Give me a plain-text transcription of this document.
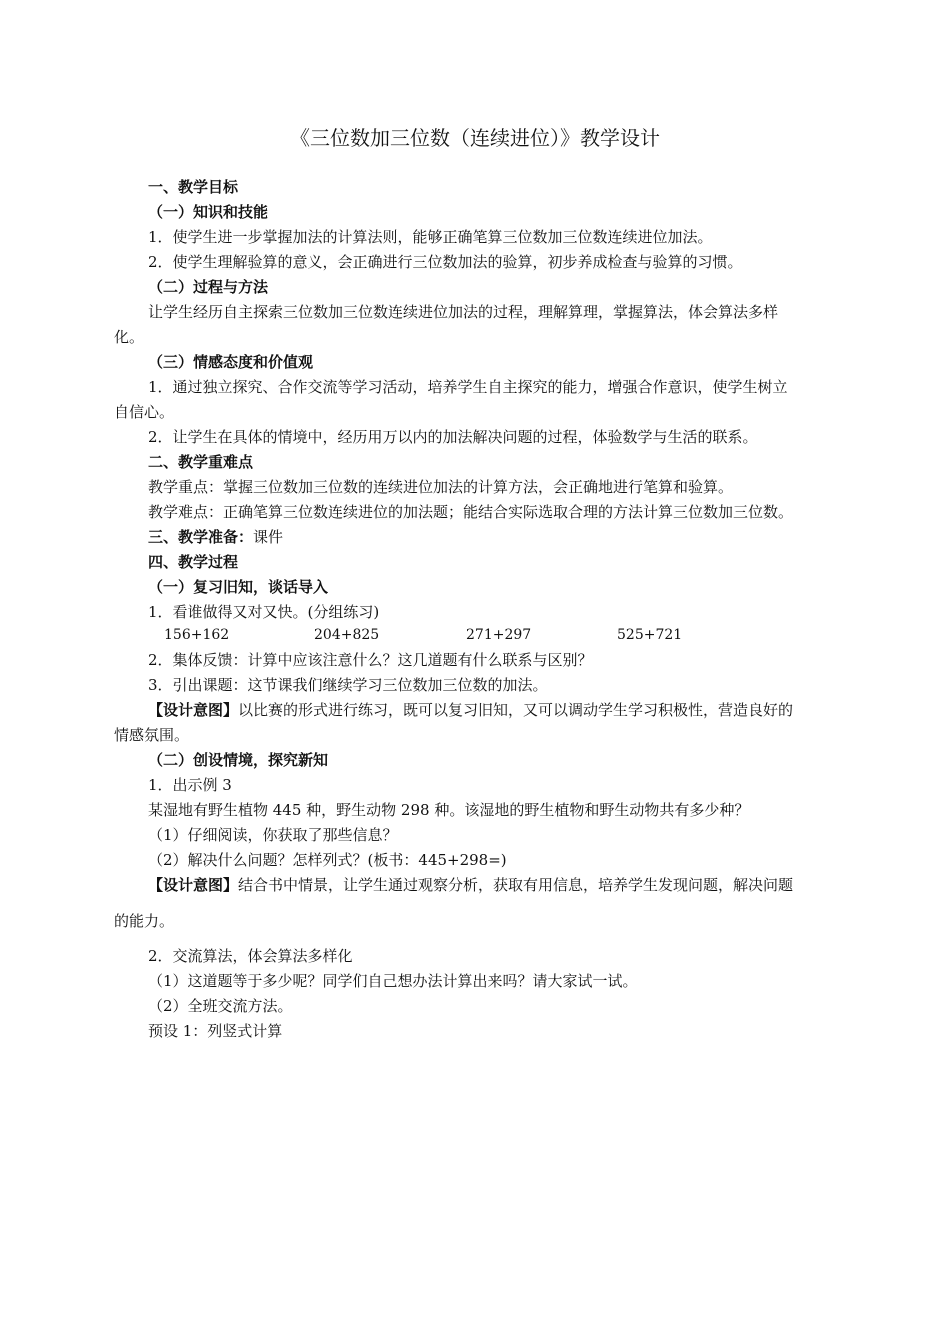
《三位数加三位数（连续进位）》教学设计
一、教学目标
（一）知识和技能
1．使学生进一步掌握加法的计算法则，能够正确笔算三位数加三位数连续进位加法。
2．使学生理解验算的意义，会正确进行三位数加法的验算，初步养成检查与验算的习惯。
（二）过程与方法
让学生经历自主探索三位数加三位数连续进位加法的过程，理解算理，掌握算法，体会算法多样
化。
（三）情感态度和价值观
1．通过独立探究、合作交流等学习活动，培养学生自主探究的能力，增强合作意识，使学生树立
自信心。
2．让学生在具体的情境中，经历用万以内的加法解决问题的过程，体验数学与生活的联系。
二、教学重难点
教学重点：掌握三位数加三位数的连续进位加法的计算方法，会正确地进行笔算和验算。
教学难点：正确笔算三位数连续进位的加法题；能结合实际选取合理的方法计算三位数加三位数。
三、教学准备：课件
四、教学过程
（一）复习旧知，谈话导入
1．看谁做得又对又快。(分组练习)
156+162	204+825	271+297	525+721
2．集体反馈：计算中应该注意什么？这几道题有什么联系与区别？
3．引出课题：这节课我们继续学习三位数加三位数的加法。
【设计意图】以比赛的形式进行练习，既可以复习旧知，又可以调动学生学习积极性，营造良好的
情感氛围。
（二）创设情境，探究新知
1．出示例 3
某湿地有野生植物 445 种，野生动物 298 种。该湿地的野生植物和野生动物共有多少种？
（1）仔细阅读，你获取了那些信息？
（2）解决什么问题？怎样列式？(板书：445+298=)
【设计意图】结合书中情景，让学生通过观察分析，获取有用信息，培养学生发现问题，解决问题
的能力。
2．交流算法，体会算法多样化
（1）这道题等于多少呢？同学们自己想办法计算出来吗？请大家试一试。
（2）全班交流方法。
预设 1：列竖式计算
